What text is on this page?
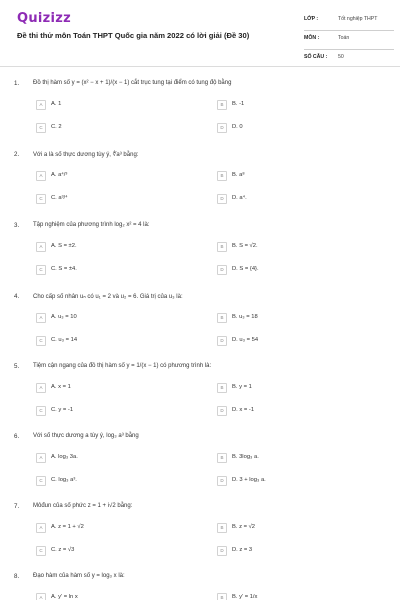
Quizizz
Đề thi thử môn Toán THPT Quốc gia năm 2022 có lời giải (Đề 30)
LỚP :	Tốt nghiệp THPT
MÔN :	Toán
SỐ CÂU : 50
1. Đồ thị hàm số y = (x² − x + 1)/(x − 1) cắt trục tung tại điểm có tung độ bằng
A	A. 1	B	B. -1
C	C. 2	D	D. 0
2. Với a là số thực dương tùy ý, ∜a³ bằng:
A	A. a⁴/³	B	B. a⁸
C	C. a³/⁴	D	D. a⁴.
3. Tập nghiệm của phương trình log₂ x² = 4 là:
A	A. S = ±2.	B	B. S = √2.
C	C. S = ±4.	D	D. S = {4}.
4. Cho cấp số nhân uₙ có u₁ = 2 và u₂ = 6. Giá trị của u₃ là:
A	A. u₃ = 10	B	B. u₃ = 18
C	C. u₃ = 14	D	D. u₃ = 54
5. Tiệm cận ngang của đồ thị hàm số y = 1/(x − 1) có phương trình là:
A	A. x = 1	B	B. y = 1
C	C. y = -1	D	D. x = -1
6. Với số thực dương a tùy ý, log₃ a³ bằng
A	A. log₃ 3a.	B	B. 3log₃ a.
C	C. log₃ a³.	D	D. 3 + log₃ a.
7. Môđun của số phức z = 1 + i√2 bằng:
A	A. z = 1 + √2	B	B. z = √2
C	C. z = √3	D	D. z = 3
8. Đạo hàm của hàm số y = log₃ x là:
A	A. y' = ln x	B	B. y' = 1/x
